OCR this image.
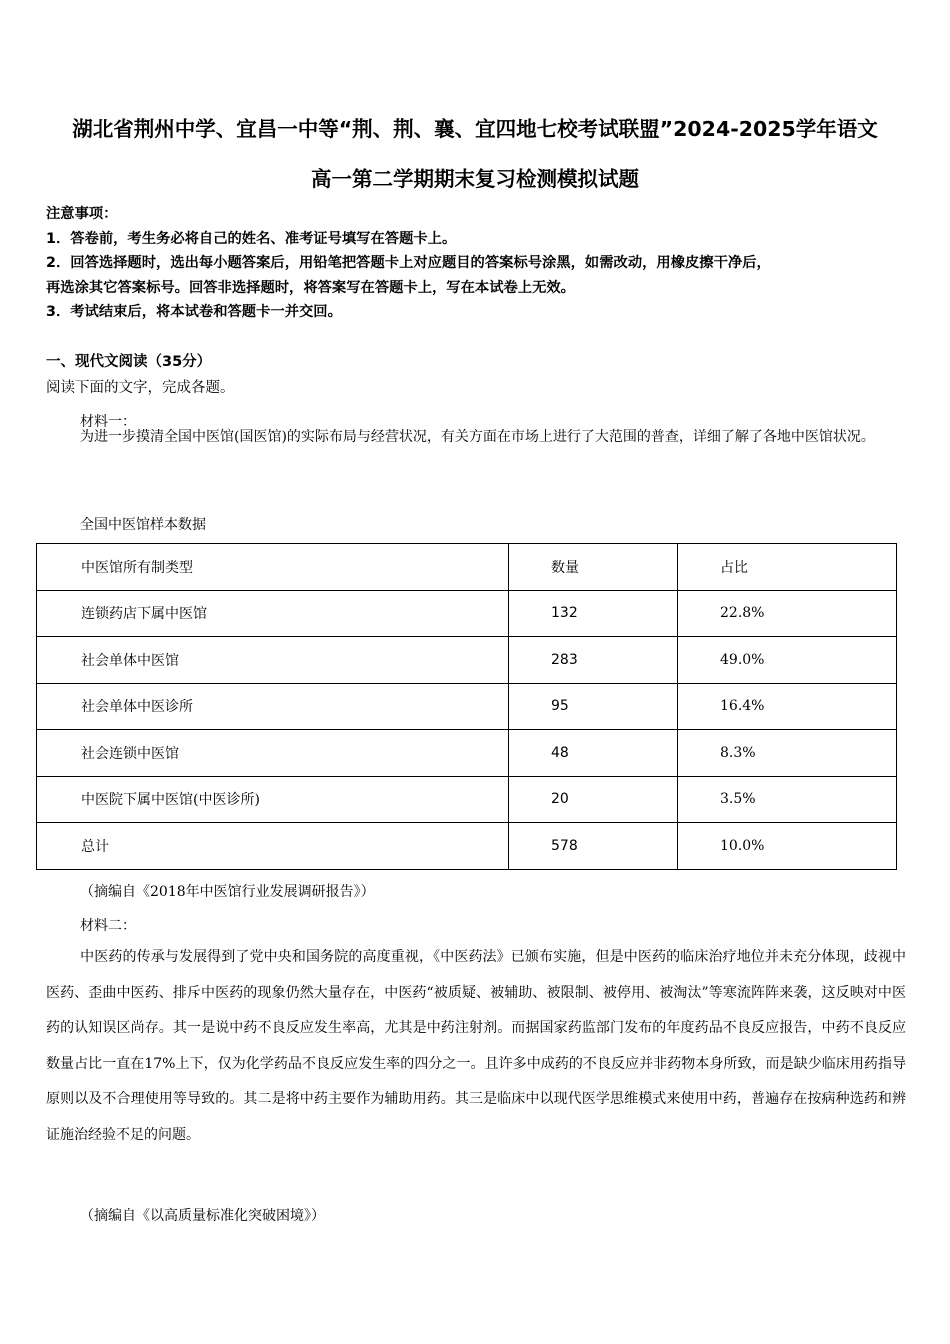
湖北省荆州中学、宜昌一中等“荆、荆、襄、宜四地七校考试联盟”2024-2025学年语文
高一第二学期期末复习检测模拟试题
注意事项：
1．答卷前，考生务必将自己的姓名、准考证号填写在答题卡上。
2．回答选择题时，选出每小题答案后，用铅笔把答题卡上对应题目的答案标号涂黑，如需改动，用橡皮擦干净后，
再选涂其它答案标号。回答非选择题时，将答案写在答题卡上，写在本试卷上无效。
3．考试结束后，将本试卷和答题卡一并交回。
一、现代文阅读（35分）
阅读下面的文字，完成各题。
材料一：
为进一步摸清全国中医馆(国医馆)的实际布局与经营状况，有关方面在市场上进行了大范围的普查，详细了解了各地中医馆状况。
全国中医馆样本数据
中医馆所有制类型	数量	占比
连锁药店下属中医馆	132	22.8%
社会单体中医馆	283	49.0%
社会单体中医诊所	95	16.4%
社会连锁中医馆	48	8.3%
中医院下属中医馆(中医诊所)	20	3.5%
总计	578	10.0%
（摘编自《2018年中医馆行业发展调研报告》）
材料二：
中医药的传承与发展得到了党中央和国务院的高度重视，《中医药法》已颁布实施，但是中医药的临床治疗地位并未充分体现，歧视中医药、歪曲中医药、排斥中医药的现象仍然大量存在，中医药“被质疑、被辅助、被限制、被停用、被淘汰”等寒流阵阵来袭，这反映对中医药的认知误区尚存。其一是说中药不良反应发生率高，尤其是中药注射剂。而据国家药监部门发布的年度药品不良反应报告，中药不良反应数量占比一直在17%上下，仅为化学药品不良反应发生率的四分之一。且许多中成药的不良反应并非药物本身所致，而是缺少临床用药指导原则以及不合理使用等导致的。其二是将中药主要作为辅助用药。其三是临床中以现代医学思维模式来使用中药，普遍存在按病种选药和辨证施治经验不足的问题。
（摘编自《以高质量标准化突破困境》）
